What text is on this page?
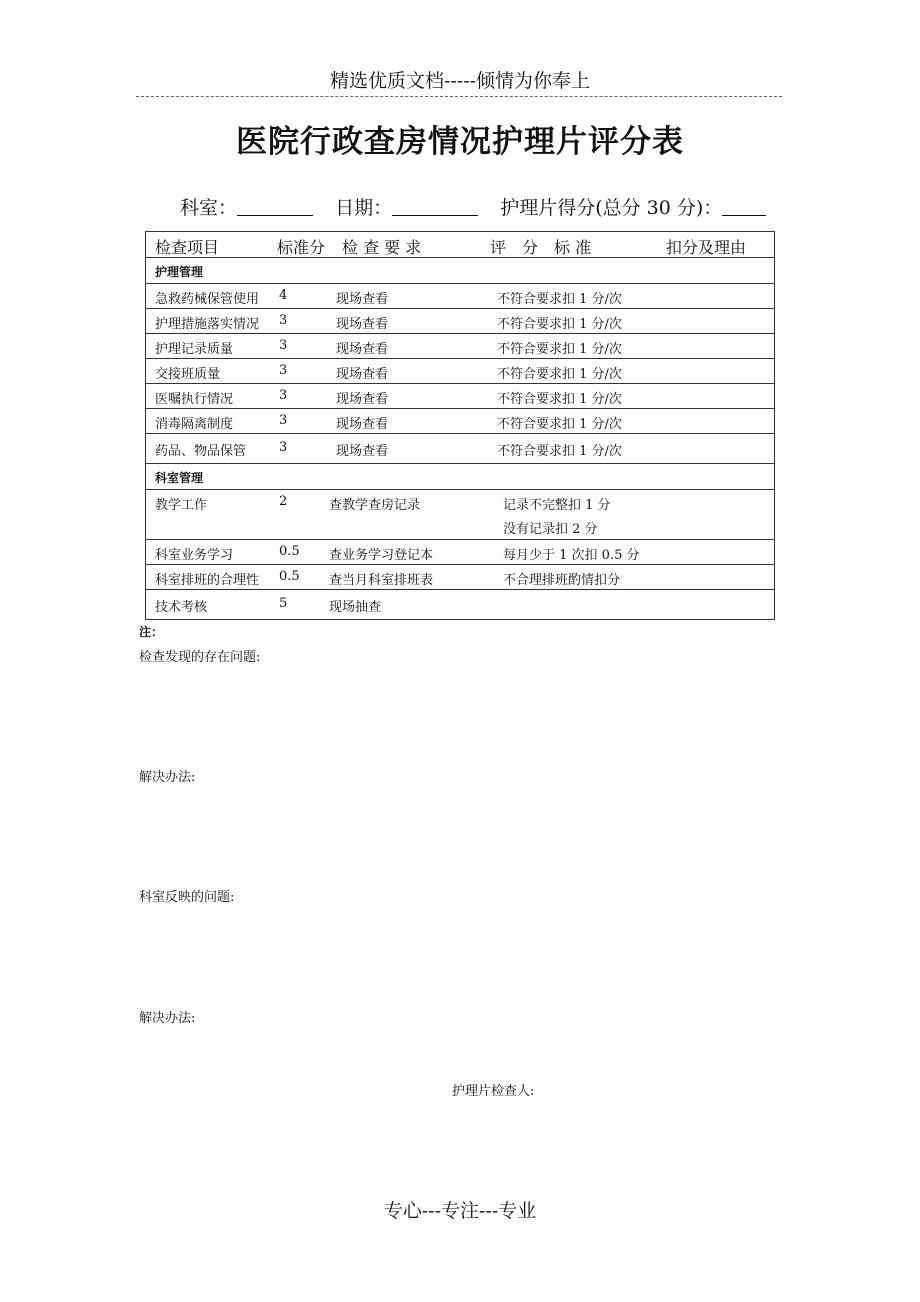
精选优质文档-----倾情为你奉上
医院行政查房情况护理片评分表
科室：	日期：	护理片得分(总分 30 分)：
检查项目	标准分 检 查 要 求	评　分　标 准	扣分及理由
护理管理
急救药械保管使用 4	现场查看	不符合要求扣 1 分/次
护理措施落实情况 3	现场查看	不符合要求扣 1 分/次
护理记录质量	3	现场查看	不符合要求扣 1 分/次
交接班质量	3	现场查看	不符合要求扣 1 分/次
医嘱执行情况	3	现场查看	不符合要求扣 1 分/次
消毒隔离制度	3	现场查看	不符合要求扣 1 分/次
药品、物品保管	3	现场查看	不符合要求扣 1 分/次
科室管理
教学工作	2	查教学查房记录	记录不完整扣 1 分
没有记录扣 2 分
科室业务学习	0.5 查业务学习登记本	每月少于 1 次扣 0.5 分
科室排班的合理性 0.5 查当月科室排班表	不合理排班酌情扣分
技术考核	5	现场抽查
注：
检查发现的存在问题:
解决办法:
科室反映的问题:
解决办法:
护理片检查人:
专心---专注---专业
